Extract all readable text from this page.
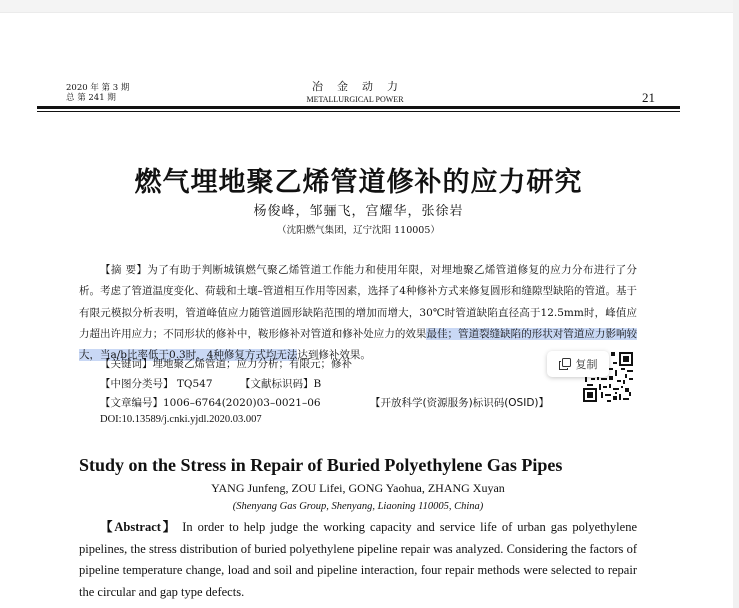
2020 年 第 3 期
总 第 241 期
冶金动力
METALLURGICAL POWER	21
燃气埋地聚乙烯管道修补的应力研究
杨俊峰，邹骊飞，宫耀华，张徐岩
（沈阳燃气集团，辽宁沈阳 110005）
【摘 要】为了有助于判断城镇燃气聚乙烯管道工作能力和使用年限，对埋地聚乙烯管道修复的应力分布进行了分析。考虑了管道温度变化、荷载和土壤–管道相互作用等因素，选择了4种修补方式来修复圆形和缝隙型缺陷的管道。基于有限元模拟分析表明，管道峰值应力随管道圆形缺陷范围的增加而增大，30℃时管道缺陷直径高于12.5mm时，峰值应力超出许用应力；不同形状的修补中，鞍形修补对管道和修补处应力的效果最佳；管道裂缝缺陷的形状对管道应力影响较大，当a/b比率低于0.3时，4种修复方式均无法达到修补效果。
【关键词】埋地聚乙烯管道；应力分析；有限元；修补
【中图分类号】 TQ547	【文献标识码】B
【文章编号】1006–6764(2020)03–0021–06	【开放科学(资源服务)标识码(OSID)】
DOI:10.13589/j.cnki.yjdl.2020.03.007
复制
Study on the Stress in Repair of Buried Polyethylene Gas Pipes
YANG Junfeng, ZOU Lifei, GONG Yaohua, ZHANG Xuyan
(Shenyang Gas Group, Shenyang, Liaoning 110005, China)
【Abstract】 In order to help judge the working capacity and service life of urban gas polyethylene pipelines, the stress distribution of buried polyethylene pipeline repair was analyzed. Considering the factors of pipeline temperature change, load and soil and pipeline interaction, four repair methods were selected to repair the circular and gap type defects.
